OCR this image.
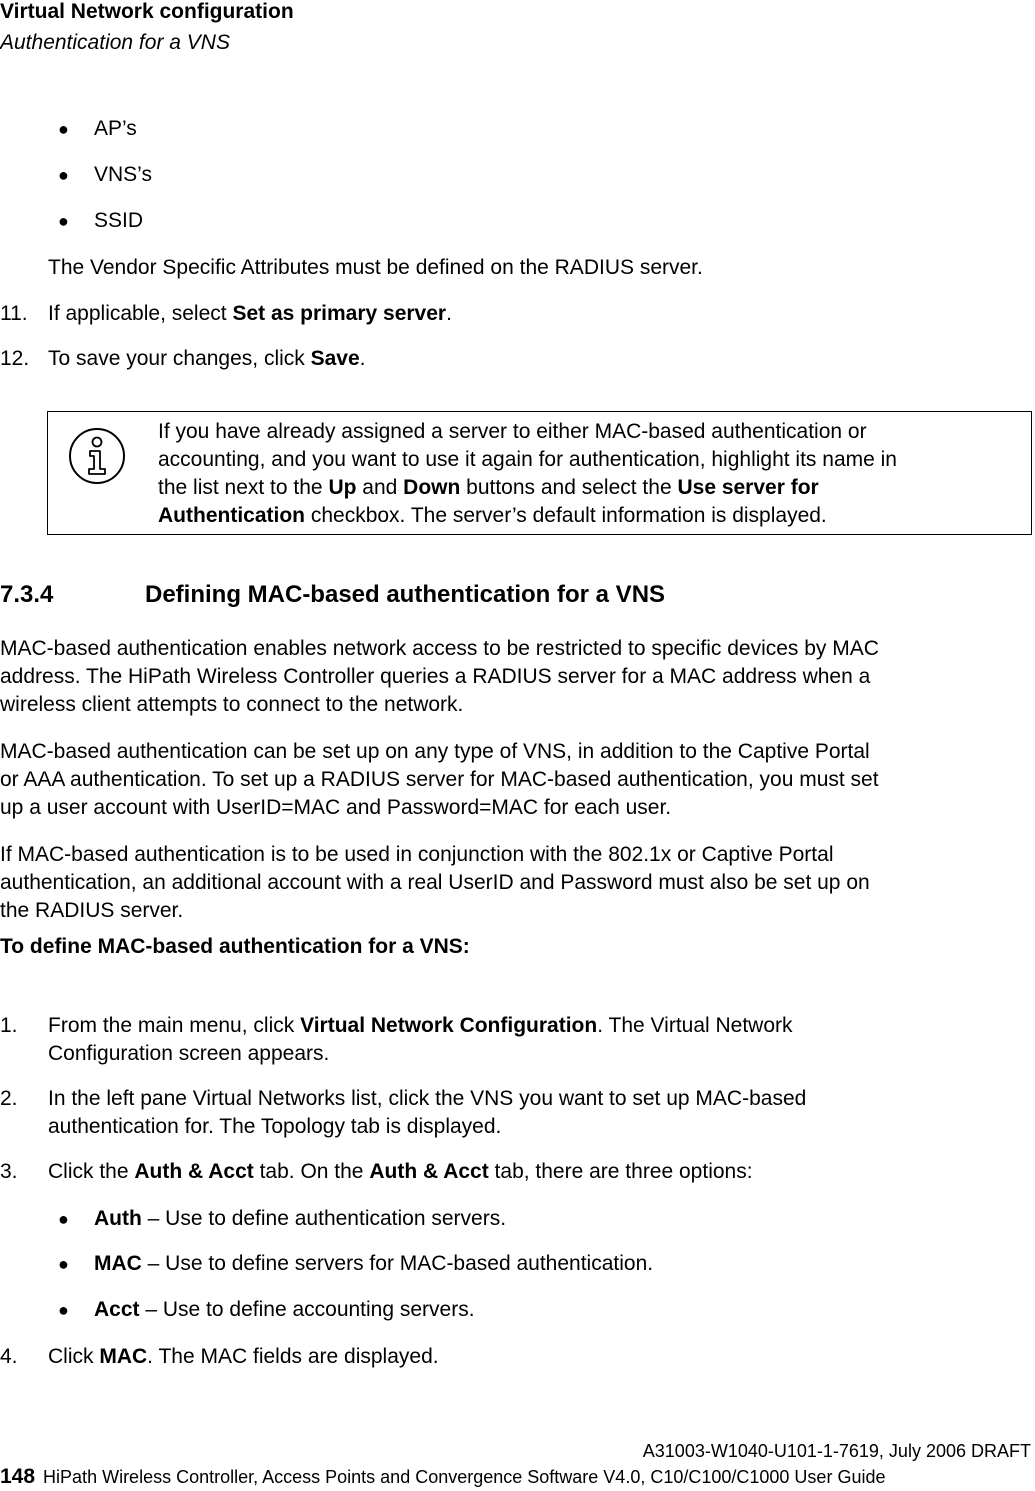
Virtual Network configuration
Authentication for a VNS
● AP’s
● VNS’s
● SSID
The Vendor Specific Attributes must be defined on the RADIUS server.
11. If applicable, select Set as primary server.
12. To save your changes, click Save.
If you have already assigned a server to either MAC-based authentication or
accounting, and you want to use it again for authentication, highlight its name in
the list next to the Up and Down buttons and select the Use server for
Authentication checkbox. The server’s default information is displayed.
7.3.4	Defining MAC-based authentication for a VNS
MAC-based authentication enables network access to be restricted to specific devices by MAC
address. The HiPath Wireless Controller queries a RADIUS server for a MAC address when a
wireless client attempts to connect to the network.
MAC-based authentication can be set up on any type of VNS, in addition to the Captive Portal
or AAA authentication. To set up a RADIUS server for MAC-based authentication, you must set
up a user account with UserID=MAC and Password=MAC for each user.
If MAC-based authentication is to be used in conjunction with the 802.1x or Captive Portal
authentication, an additional account with a real UserID and Password must also be set up on
the RADIUS server.
To define MAC-based authentication for a VNS:
1. From the main menu, click Virtual Network Configuration. The Virtual Network
Configuration screen appears.
2. In the left pane Virtual Networks list, click the VNS you want to set up MAC-based
authentication for. The Topology tab is displayed.
3. Click the Auth & Acct tab. On the Auth & Acct tab, there are three options:
● Auth – Use to define authentication servers.
● MAC – Use to define servers for MAC-based authentication.
● Acct – Use to define accounting servers.
4. Click MAC. The MAC fields are displayed.
A31003-W1040-U101-1-7619, July 2006 DRAFT
148 HiPath Wireless Controller, Access Points and Convergence Software V4.0, C10/C100/C1000 User Guide
